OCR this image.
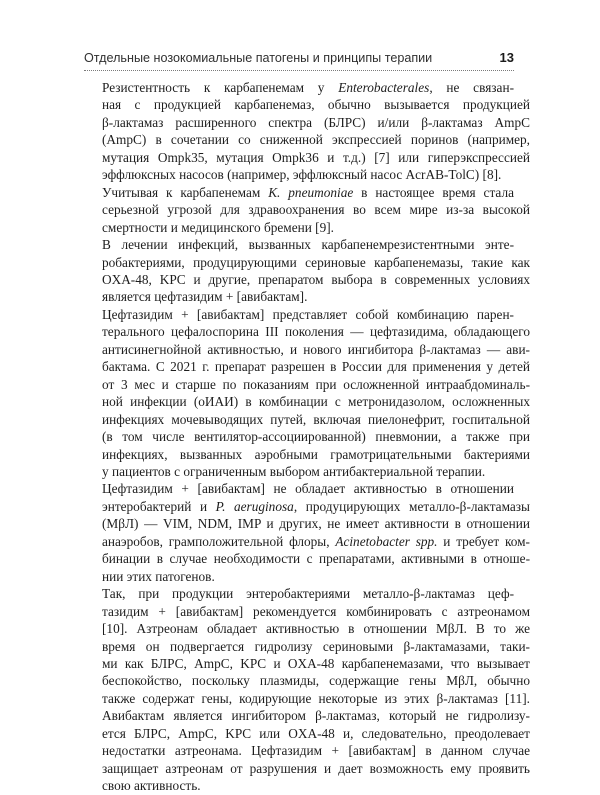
Отдельные нозокомиальные патогены и принципы терапии	13

Резистентность к карбапенемам у Enterobacterales, не связан-
ная с продукцией карбапенемаз, обычно вызывается продукцией
β-лактамаз расширенного спектра (БЛРС) и/или β-лактамаз AmpC
(AmpC) в сочетании со сниженной экспрессией поринов (например,
мутация Ompk35, мутация Ompk36 и т.д.) [7] или гиперэкспрессией
эффлюксных насосов (например, эффлюксный насос AcrAB-TolC) [8].

Учитывая к карбапенемам K. pneumoniae в настоящее время стала
серьезной угрозой для здравоохранения во всем мире из-за высокой
смертности и медицинского бремени [9].

В лечении инфекций, вызванных карбапенемрезистентными энте-
робактериями, продуцирующими сериновые карбапенемазы, такие как
OXA-48, KPC и другие, препаратом выбора в современных условиях
является цефтазидим + [авибактам].

Цефтазидим + [авибактам] представляет собой комбинацию парен-
терального цефалоспорина III поколения — цефтазидима, обладающего
антисинегнойной активностью, и нового ингибитора β-лактамаз — ави-
бактама. С 2021 г. препарат разрешен в России для применения у детей
от 3 мес и старше по показаниям при осложненной интраабдоминаль-
ной инфекции (оИАИ) в комбинации с метронидазолом, осложненных
инфекциях мочевыводящих путей, включая пиелонефрит, госпитальной
(в том числе вентилятор-ассоциированной) пневмонии, а также при
инфекциях, вызванных аэробными грамотрицательными бактериями
у пациентов с ограниченным выбором антибактериальной терапии.

Цефтазидим + [авибактам] не обладает активностью в отношении
энтеробактерий и P. aeruginosa, продуцирующих металло-β-лактамазы
(МβЛ) — VIM, NDM, IMP и других, не имеет активности в отношении
анаэробов, грамположительной флоры, Acinetobacter spp. и требует ком-
бинации в случае необходимости с препаратами, активными в отноше-
нии этих патогенов.

Так, при продукции энтеробактериями металло-β-лактамаз цеф-
тазидим + [авибактам] рекомендуется комбинировать с азтреонамом
[10]. Азтреонам обладает активностью в отношении МβЛ. В то же
время он подвергается гидролизу сериновыми β-лактамазами, таки-
ми как БЛРС, AmpC, KPC и OXA-48 карбапенемазами, что вызывает
беспокойство, поскольку плазмиды, содержащие гены МβЛ, обычно
также содержат гены, кодирующие некоторые из этих β-лактамаз [11].
Авибактам является ингибитором β-лактамаз, который не гидролизу-
ется БЛРС, AmpC, KPC или OXA-48 и, следовательно, преодолевает
недостатки азтреонама. Цефтазидим + [авибактам] в данном случае
защищает азтреонам от разрушения и дает возможность ему проявить
свою активность.
